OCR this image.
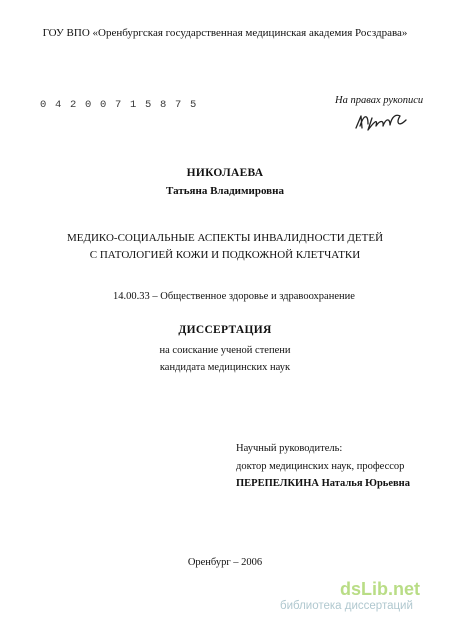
ГОУ ВПО «Оренбургская государственная медицинская академия Росздрава»
0 4 2 0 0 7 1 5 8 7 5	На правах рукописи
НИКОЛАЕВА
Татьяна Владимировна
МЕДИКО-СОЦИАЛЬНЫЕ АСПЕКТЫ ИНВАЛИДНОСТИ ДЕТЕЙ
С ПАТОЛОГИЕЙ КОЖИ И ПОДКОЖНОЙ КЛЕТЧАТКИ
14.00.33 – Общественное здоровье и здравоохранение
ДИССЕРТАЦИЯ
на соискание ученой степени
кандидата медицинских наук
Научный руководитель:
доктор медицинских наук, профессор
ПЕРЕПЕЛКИНА Наталья Юрьевна
Оренбург – 2006
dsLib.net
библиотека диссертаций
